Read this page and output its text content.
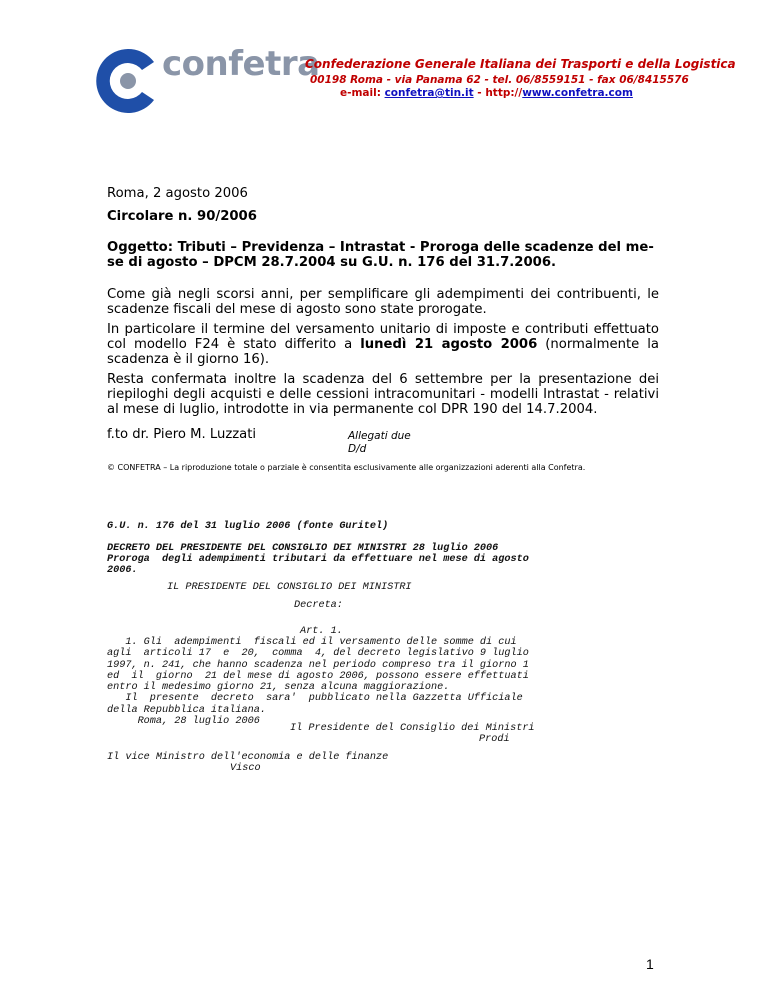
confetra
Confederazione Generale Italiana dei Trasporti e della Logistica
00198 Roma - via Panama 62 - tel. 06/8559151 - fax 06/8415576
e-mail: confetra@tin.it - http://www.confetra.com
Roma, 2 agosto 2006
Circolare n. 90/2006
Oggetto: Tributi – Previdenza – Intrastat - Proroga delle scadenze del me-
se di agosto – DPCM 28.7.2004 su G.U. n. 176 del 31.7.2006.
Come già negli scorsi anni, per semplificare gli adempimenti dei contribuenti, le scadenze fiscali del mese di agosto sono state prorogate.
In particolare il termine del versamento unitario di imposte e contributi effettuato col modello F24 è stato differito a lunedì 21 agosto 2006 (normalmente la scadenza è il giorno 16).
Resta confermata inoltre la scadenza del 6 settembre per la presentazione dei riepiloghi degli acquisti e delle cessioni intracomunitari - modelli Intrastat - relativi al mese di luglio, introdotte in via permanente col DPR 190 del 14.7.2004.
f.to dr. Piero M. Luzzati	Allegati due
D/d
© CONFETRA – La riproduzione totale o parziale è consentita esclusivamente alle organizzazioni aderenti alla Confetra.
G.U. n. 176 del 31 luglio 2006 (fonte Guritel)
DECRETO DEL PRESIDENTE DEL CONSIGLIO DEI MINISTRI 28 luglio 2006
Proroga  degli adempimenti tributari da effettuare nel mese di agosto
2006.
IL PRESIDENTE DEL CONSIGLIO DEI MINISTRI
Decreta:
Art. 1.
1. Gli  adempimenti  fiscali ed il versamento delle somme di cui
agli  articoli 17  e  20,  comma  4, del decreto legislativo 9 luglio
1997, n. 241, che hanno scadenza nel periodo compreso tra il giorno 1
ed  il  giorno  21 del mese di agosto 2006, possono essere effettuati
entro il medesimo giorno 21, senza alcuna maggiorazione.
Il  presente  decreto  sara'  pubblicato nella Gazzetta Ufficiale
della Repubblica italiana.
Roma, 28 luglio 2006
Il Presidente del Consiglio dei Ministri
Prodi
Il vice Ministro dell'economia e delle finanze
Visco
1
